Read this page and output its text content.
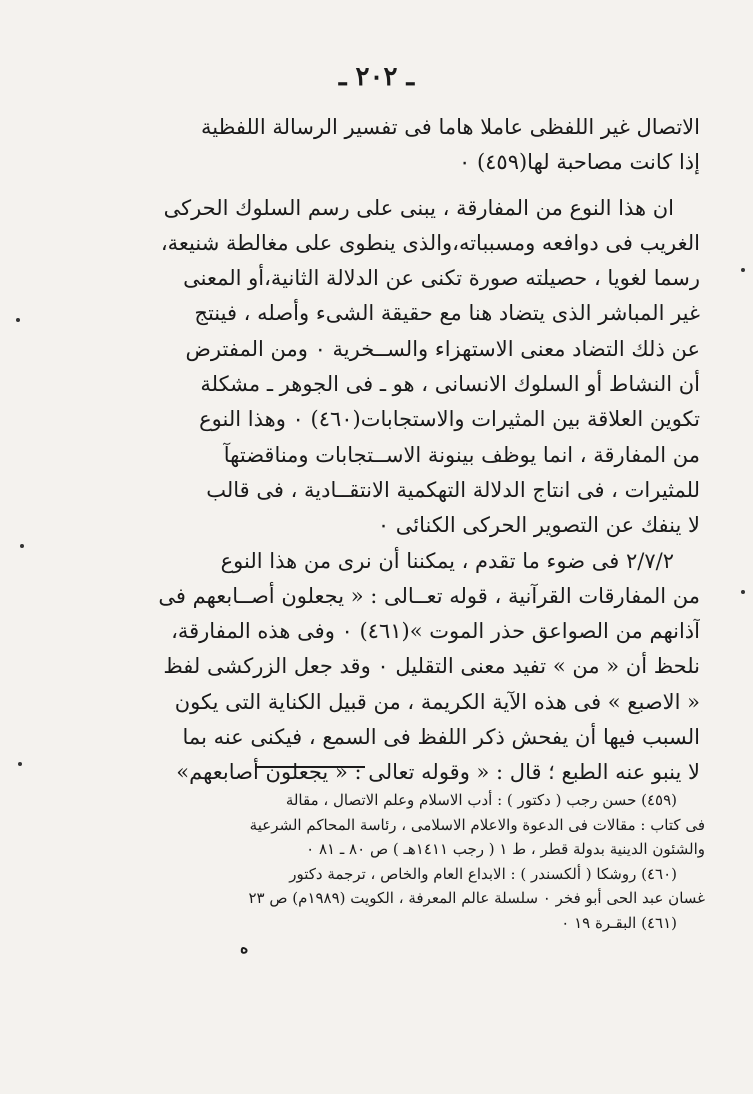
ـ ٢٠٢ ـ

الاتصال غير اللفظى عاملا هاما فى تفسير الرسالة اللفظية
إذا كانت مصاحبة لها(٤٥٩) ٠

ان هذا النوع من المفارقة ، يبنى على رسم السلوك الحركى
الغريب فى دوافعه ومسبباته،والذى ينطوى على مغالطة شنيعة،
رسما لغويا ، حصيلته صورة تكنى عن الدلالة الثانية،أو المعنى
غير المباشر الذى يتضاد هنا مع حقيقة الشىء وأصله ، فينتج
عن ذلك التضاد معنى الاستهزاء والســخرية ٠ ومن المفترض
أن النشاط أو السلوك الانسانى ، هو ـ فى الجوهر ـ مشكلة
تكوين العلاقة بين المثيرات والاستجابات(٤٦٠) ٠ وهذا النوع
من المفارقة ، انما يوظف بينونة الاســتجابات ومناقضتهآ
للمثيرات ، فى انتاج الدلالة التهكمية الانتقــادية ، فى قالب
لا ينفك عن التصوير الحركى الكنائى ٠

٢/٧/٢ فى ضوء ما تقدم ، يمكننا أن نرى من هذا النوع
من المفارقات القرآنية ، قوله تعــالى : « يجعلون أصــابعهم فى
آذانهم من الصواعق حذر الموت »(٤٦١) ٠ وفى هذه المفارقة،
نلحظ أن « من » تفيد معنى التقليل ٠ وقد جعل الزركشى لفظ
« الاصبع » فى هذه الآية الكريمة ، من قبيل الكناية التى يكون
السبب فيها أن يفحش ذكر اللفظ فى السمع ، فيكنى عنه بما
لا ينبو عنه الطبع ؛ قال : « وقوله تعالى : « يجعلون أصابعهم»

(٤٥٩) حسن رجب ( دكتور ) : أدب الاسلام وعلم الاتصال ، مقالة
فى كتاب : مقالات فى الدعوة والاعلام الاسلامى ، رئاسة المحاكم الشرعية
والشئون الدينية بدولة قطر ، ط ١ ( رجب ١٤١١هـ ) ص ٨٠ ـ ٨١ ٠
(٤٦٠) روشكا ( ألكسندر ) : الابداع العام والخاص ، ترجمة دكتور
غسان عبد الحى أبو فخر ٠ سلسلة عالم المعرفة ، الكويت (١٩٨٩م) ص ٢٣
(٤٦١) البقـرة ١٩ ٠
ه
